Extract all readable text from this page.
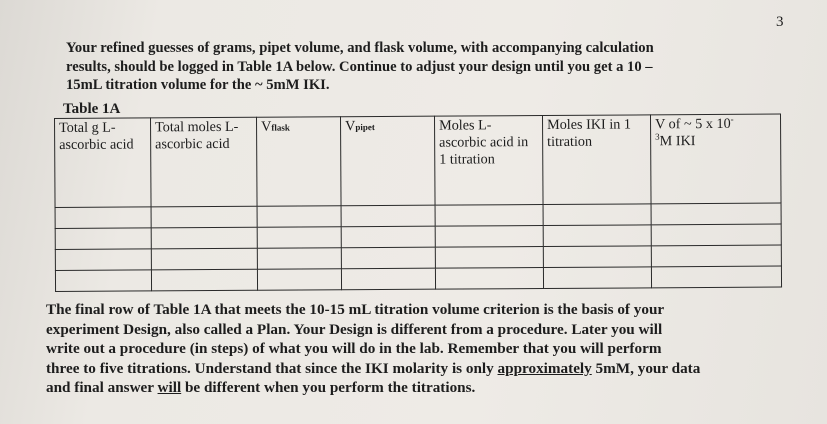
3

Your refined guesses of grams, pipet volume, and flask volume, with accompanying calculation

results, should be logged in Table 1A below. Continue to adjust your design until you get a 10 –

15mL titration volume for the ~ 5mM IKI.

Table 1A
Total g L-ascorbic acid	Total moles L-ascorbic acid	Vflask	Vpipet	Moles L-ascorbic acid in 1 titration	Moles IKI in 1 titration	V of ~ 5 x 10-
$^3$M IKI

The final row of Table 1A that meets the 10-15 mL titration volume criterion is the basis of your

experiment Design, also called a Plan. Your Design is different from a procedure. Later you will

write out a procedure (in steps) of what you will do in the lab. Remember that you will perform

three to five titrations. Understand that since the IKI molarity is only approximately 5mM, your data

and final answer will be different when you perform the titrations.
